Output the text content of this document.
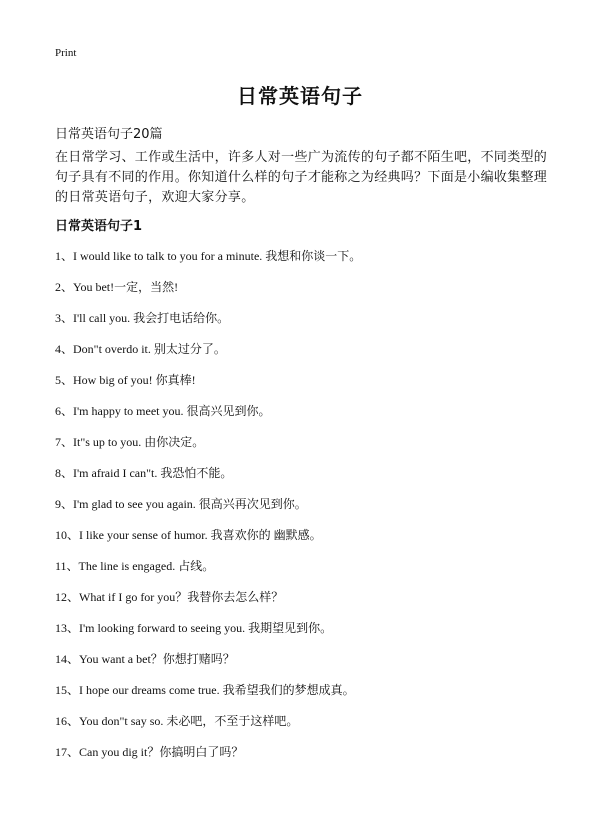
Print
日常英语句子
日常英语句子20篇
在日常学习、工作或生活中，许多人对一些广为流传的句子都不陌生吧，不同类型的句子具有不同的作用。你知道什么样的句子才能称之为经典吗？下面是小编收集整理的日常英语句子，欢迎大家分享。
日常英语句子1
1、I would like to talk to you for a minute. 我想和你谈一下。
2、You bet!一定，当然!
3、I'll call you. 我会打电话给你。
4、Don"t overdo it. 别太过分了。
5、How big of you! 你真棒!
6、I'm happy to meet you. 很高兴见到你。
7、It"s up to you. 由你决定。
8、I'm afraid I can"t. 我恐怕不能。
9、I'm glad to see you again. 很高兴再次见到你。
10、I like your sense of humor. 我喜欢你的 幽默感。
11、The line is engaged. 占线。
12、What if I go for you？我替你去怎么样？
13、I'm looking forward to seeing you. 我期望见到你。
14、You want a bet？你想打赌吗？
15、I hope our dreams come true. 我希望我们的梦想成真。
16、You don"t say so. 未必吧，不至于这样吧。
17、Can you dig it？你搞明白了吗？
